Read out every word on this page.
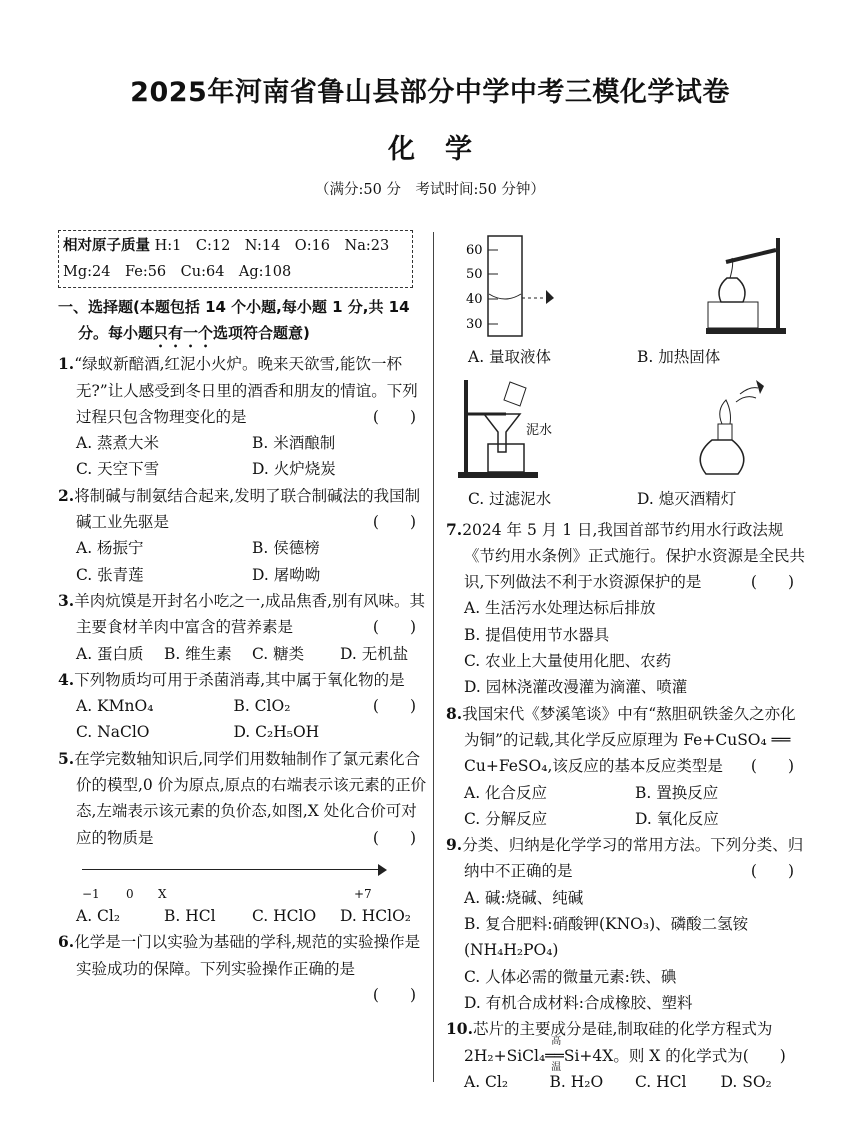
2025年河南省鲁山县部分中学中考三模化学试卷
化学
（满分:50 分　考试时间:50 分钟）
相对原子质量 H:1　C:12　N:14　O:16　Na:23
Mg:24　Fe:56　Cu:64　Ag:108
一、选择题(本题包括 14 个小题,每小题 1 分,共 14
分。每小题只有一个选项符合题意)
1.“绿蚁新醅酒,红泥小火炉。晚来天欲雪,能饮一杯无?”让人感受到冬日里的酒香和朋友的情谊。下列过程只包含物理变化的是	(　　)
A. 蒸煮大米	B. 米酒酿制
C. 天空下雪	D. 火炉烧炭
2.将制碱与制氨结合起来,发明了联合制碱法的我国制碱工业先驱是	(　　)
A. 杨振宁	B. 侯德榜
C. 张青莲	D. 屠呦呦
3.羊肉炕馍是开封名小吃之一,成品焦香,别有风味。其主要食材羊肉中富含的营养素是	(　　)
A. 蛋白质	B. 维生素	C. 糖类	D. 无机盐
4.下列物质均可用于杀菌消毒,其中属于氧化物的是
(　　)
A. KMnO₄	B. ClO₂
C. NaClO	D. C₂H₅OH
5.在学完数轴知识后,同学们用数轴制作了氯元素化合价的模型,0 价为原点,原点的右端表示该元素的正价态,左端表示该元素的负价态,如图,X 处化合价可对应的物质是	(　　)
−1 0 X	+7
A. Cl₂	B. HCl	C. HClO	D. HClO₂
6.化学是一门以实验为基础的学科,规范的实验操作是实验成功的保障。下列实验操作正确的是
(　　)
60
50
40
30
A. 量取液体	B. 加热固体
泥水
C. 过滤泥水	D. 熄灭酒精灯
7.2024 年 5 月 1 日,我国首部节约用水行政法规《节约用水条例》正式施行。保护水资源是全民共识,下列做法不利于水资源保护的是	(　　)
A. 生活污水处理达标后排放
B. 提倡使用节水器具
C. 农业上大量使用化肥、农药
D. 园林浇灌改漫灌为滴灌、喷灌
8.我国宋代《梦溪笔谈》中有“熬胆矾铁釜久之亦化为铜”的记载,其化学反应原理为 Fe+CuSO₄ ══
Cu+FeSO₄,该反应的基本反应类型是 (　　)
A. 化合反应	B. 置换反应
C. 分解反应	D. 氧化反应
9.分类、归纳是化学学习的常用方法。下列分类、归纳中不正确的是	(　　)
A. 碱:烧碱、纯碱
B. 复合肥料:硝酸钾(KNO₃)、磷酸二氢铵(NH₄H₂PO₄)
C. 人体必需的微量元素:铁、碘
D. 有机合成材料:合成橡胶、塑料
10.芯片的主要成分是硅,制取硅的化学方程式为
2H₂+SiCl₄
高温
══Si+4X。则 X 的化学式为(　　)
A. Cl₂	B. H₂O	C. HCl	D. SO₂
